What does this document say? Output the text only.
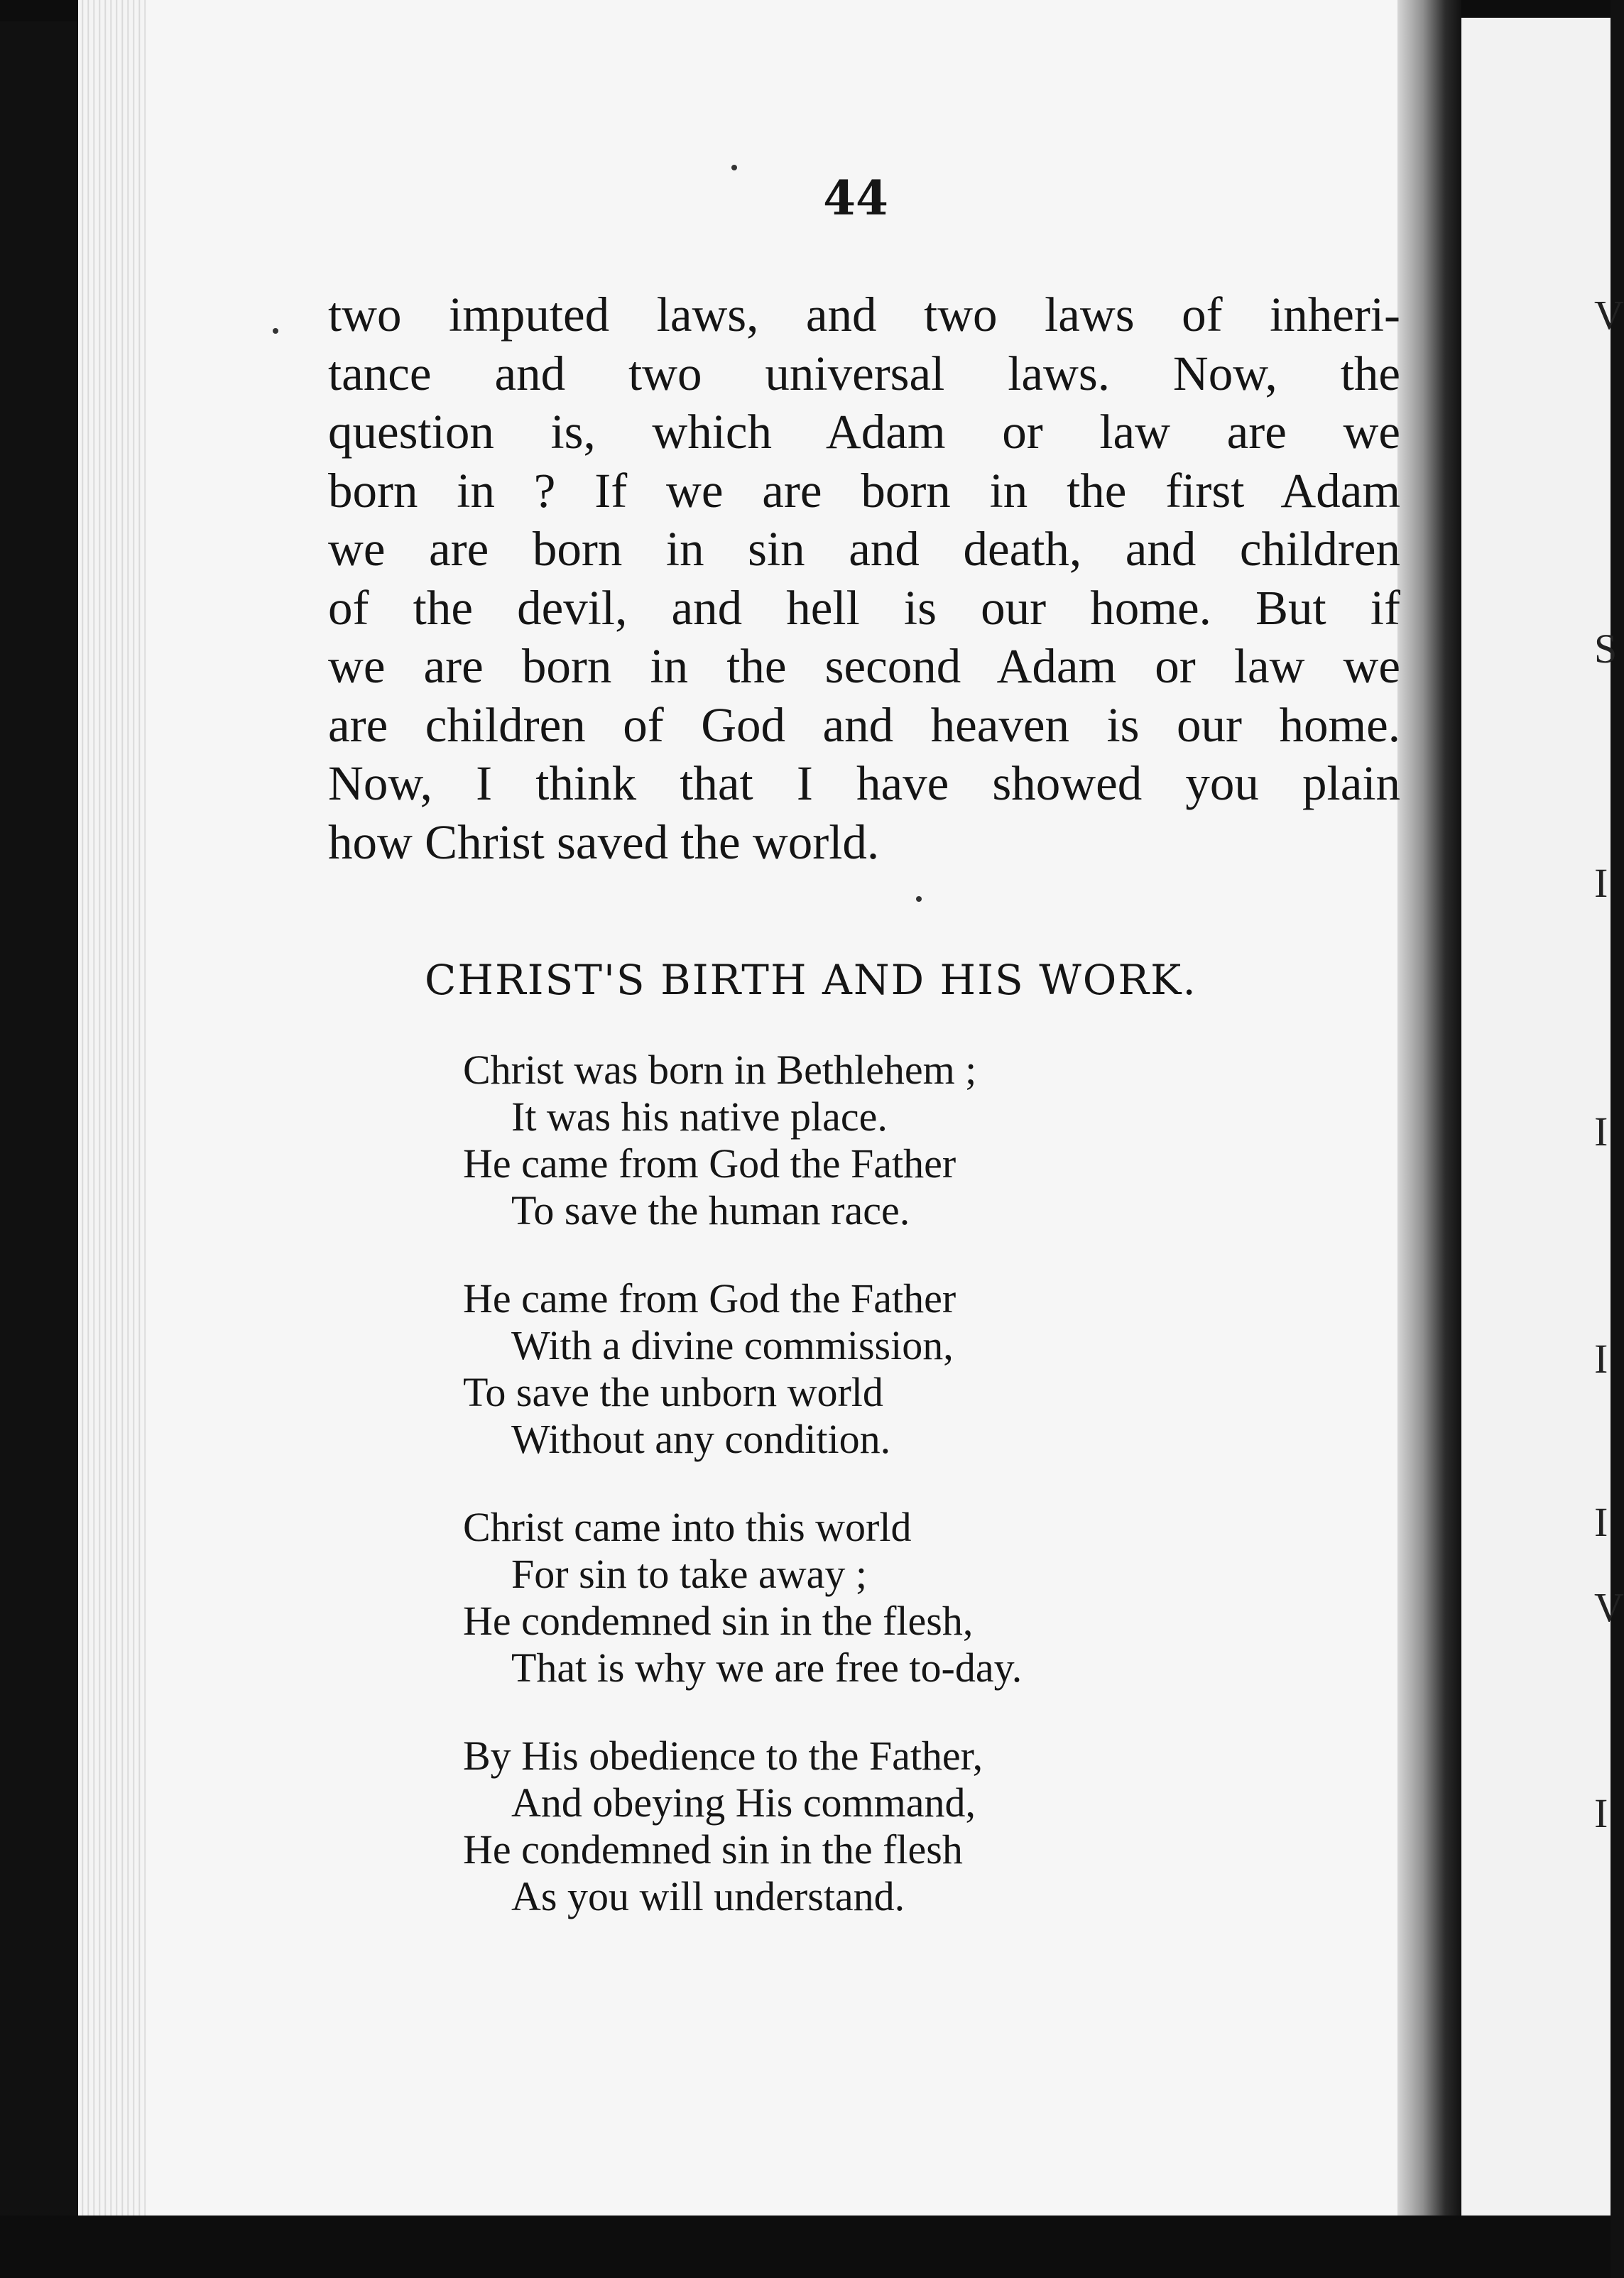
V
S
I
I
I
I
V
I
44
two imputed laws, and two laws of inheri-
tance and two universal laws. Now, the
question is, which Adam or law are we
born in ? If we are born in the first Adam
we are born in sin and death, and children
of the devil, and hell is our home. But if
we are born in the second Adam or law we
are children of God and heaven is our home.
Now, I think that I have showed you plain
how Christ saved the world.
CHRIST'S BIRTH AND HIS WORK.
Christ was born in Bethlehem ;
It was his native place.
He came from God the Father
To save the human race.
He came from God the Father
With a divine commission,
To save the unborn world
Without any condition.
Christ came into this world
For sin to take away ;
He condemned sin in the flesh,
That is why we are free to-day.
By His obedience to the Father,
And obeying His command,
He condemned sin in the flesh
As you will understand.
